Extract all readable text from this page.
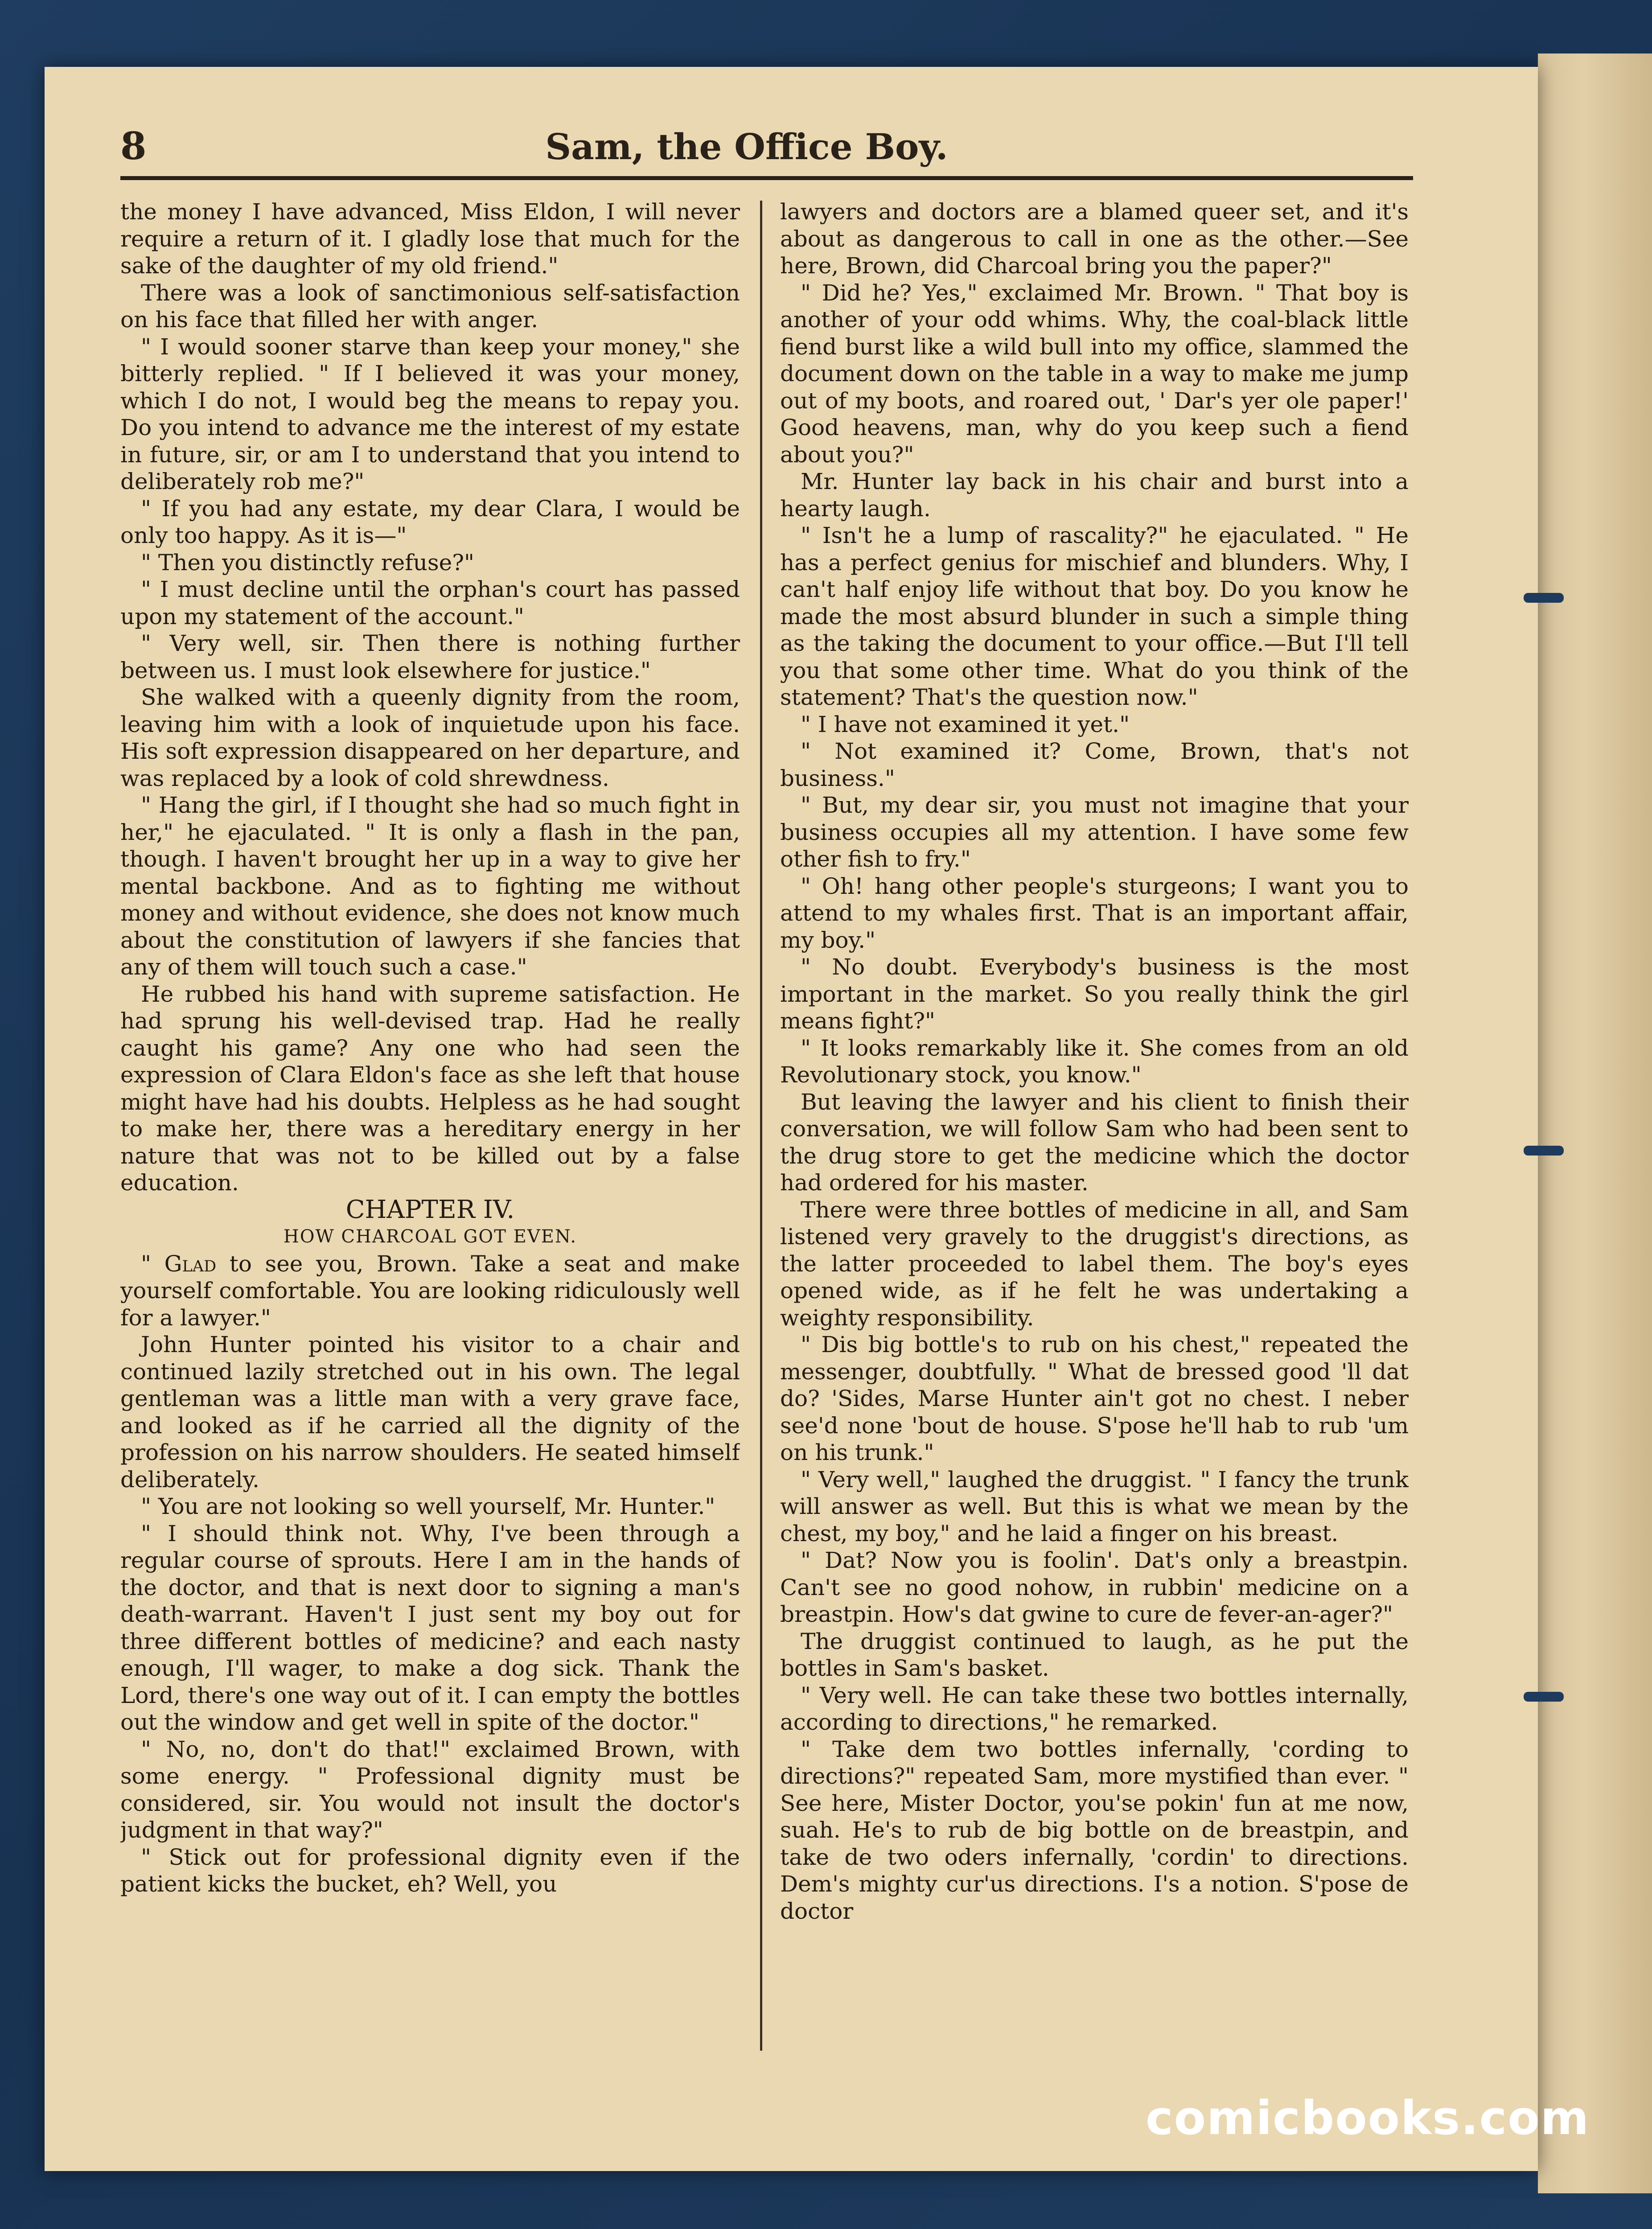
8	Sam, the Office Boy.

the money I have advanced, Miss Eldon, I will never require a return of it. I gladly lose that much for the sake of the daughter of my old friend."

There was a look of sanctimonious self-satisfaction on his face that filled her with anger.

" I would sooner starve than keep your money," she bitterly replied. " If I believed it was your money, which I do not, I would beg the means to repay you. Do you intend to advance me the interest of my estate in future, sir, or am I to understand that you intend to deliberately rob me?"

" If you had any estate, my dear Clara, I would be only too happy. As it is—"

" Then you distinctly refuse?"

" I must decline until the orphan's court has passed upon my statement of the account."

" Very well, sir. Then there is nothing further between us. I must look elsewhere for justice."

She walked with a queenly dignity from the room, leaving him with a look of inquietude upon his face. His soft expression disappeared on her departure, and was replaced by a look of cold shrewdness.

" Hang the girl, if I thought she had so much fight in her," he ejaculated. " It is only a flash in the pan, though. I haven't brought her up in a way to give her mental backbone. And as to fighting me without money and without evidence, she does not know much about the constitution of lawyers if she fancies that any of them will touch such a case."

He rubbed his hand with supreme satisfaction. He had sprung his well-devised trap. Had he really caught his game? Any one who had seen the expression of Clara Eldon's face as she left that house might have had his doubts. Helpless as he had sought to make her, there was a hereditary energy in her nature that was not to be killed out by a false education.

CHAPTER IV.

HOW CHARCOAL GOT EVEN.

" Glad to see you, Brown. Take a seat and make yourself comfortable. You are looking ridiculously well for a lawyer."

John Hunter pointed his visitor to a chair and continued lazily stretched out in his own. The legal gentleman was a little man with a very grave face, and looked as if he carried all the dignity of the profession on his narrow shoulders. He seated himself deliberately.

" You are not looking so well yourself, Mr. Hunter."

" I should think not. Why, I've been through a regular course of sprouts. Here I am in the hands of the doctor, and that is next door to signing a man's death-warrant. Haven't I just sent my boy out for three different bottles of medicine? and each nasty enough, I'll wager, to make a dog sick. Thank the Lord, there's one way out of it. I can empty the bottles out the window and get well in spite of the doctor."

" No, no, don't do that!" exclaimed Brown, with some energy. " Professional dignity must be considered, sir. You would not insult the doctor's judgment in that way?"

" Stick out for professional dignity even if the patient kicks the bucket, eh? Well, you

lawyers and doctors are a blamed queer set, and it's about as dangerous to call in one as the other.—See here, Brown, did Charcoal bring you the paper?"

" Did he? Yes," exclaimed Mr. Brown. " That boy is another of your odd whims. Why, the coal-black little fiend burst like a wild bull into my office, slammed the document down on the table in a way to make me jump out of my boots, and roared out, ' Dar's yer ole paper!' Good heavens, man, why do you keep such a fiend about you?"

Mr. Hunter lay back in his chair and burst into a hearty laugh.

" Isn't he a lump of rascality?" he ejaculated. " He has a perfect genius for mischief and blunders. Why, I can't half enjoy life without that boy. Do you know he made the most absurd blunder in such a simple thing as the taking the document to your office.—But I'll tell you that some other time. What do you think of the statement? That's the question now."

" I have not examined it yet."

" Not examined it? Come, Brown, that's not business."

" But, my dear sir, you must not imagine that your business occupies all my attention. I have some few other fish to fry."

" Oh! hang other people's sturgeons; I want you to attend to my whales first. That is an important affair, my boy."

" No doubt. Everybody's business is the most important in the market. So you really think the girl means fight?"

" It looks remarkably like it. She comes from an old Revolutionary stock, you know."

But leaving the lawyer and his client to finish their conversation, we will follow Sam who had been sent to the drug store to get the medicine which the doctor had ordered for his master.

There were three bottles of medicine in all, and Sam listened very gravely to the druggist's directions, as the latter proceeded to label them. The boy's eyes opened wide, as if he felt he was undertaking a weighty responsibility.

" Dis big bottle's to rub on his chest," repeated the messenger, doubtfully. " What de bressed good 'll dat do? 'Sides, Marse Hunter ain't got no chest. I neber see'd none 'bout de house. S'pose he'll hab to rub 'um on his trunk."

" Very well," laughed the druggist. " I fancy the trunk will answer as well. But this is what we mean by the chest, my boy," and he laid a finger on his breast.

" Dat? Now you is foolin'. Dat's only a breastpin. Can't see no good nohow, in rubbin' medicine on a breastpin. How's dat gwine to cure de fever-an-ager?"

The druggist continued to laugh, as he put the bottles in Sam's basket.

" Very well. He can take these two bottles internally, according to directions," he remarked.

" Take dem two bottles infernally, 'cording to directions?" repeated Sam, more mystified than ever. " See here, Mister Doctor, you'se pokin' fun at me now, suah. He's to rub de big bottle on de breastpin, and take de two oders infernally, 'cordin' to directions. Dem's mighty cur'us directions. I's a notion. S'pose de doctor

comicbooks.com
